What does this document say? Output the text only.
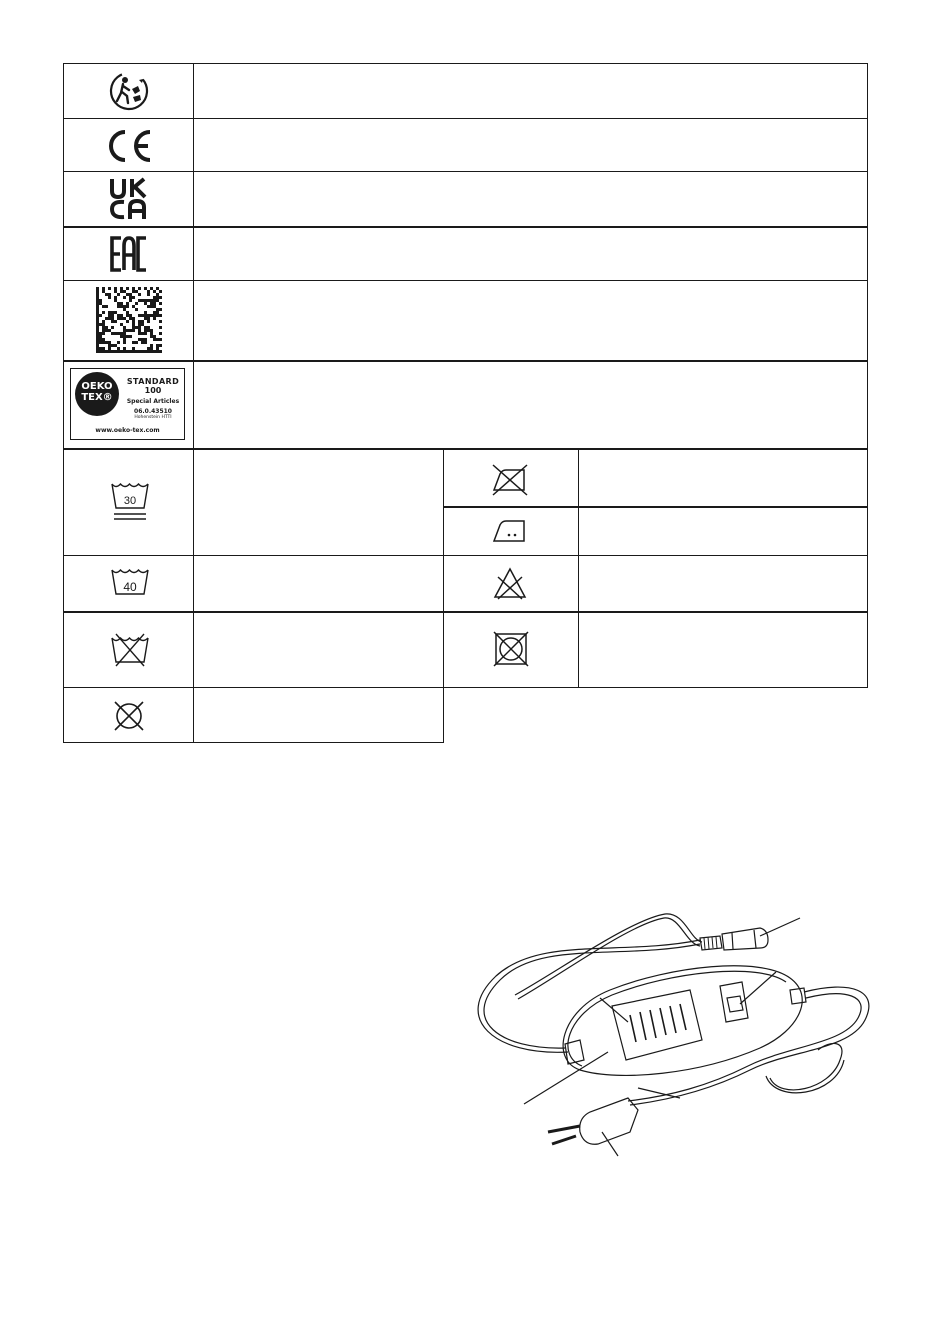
OEKO
TEX®
STANDARD
100
Special Articles
06.0.43510
Hohenstein HTTI
www.oeko-tex.com
30
40
